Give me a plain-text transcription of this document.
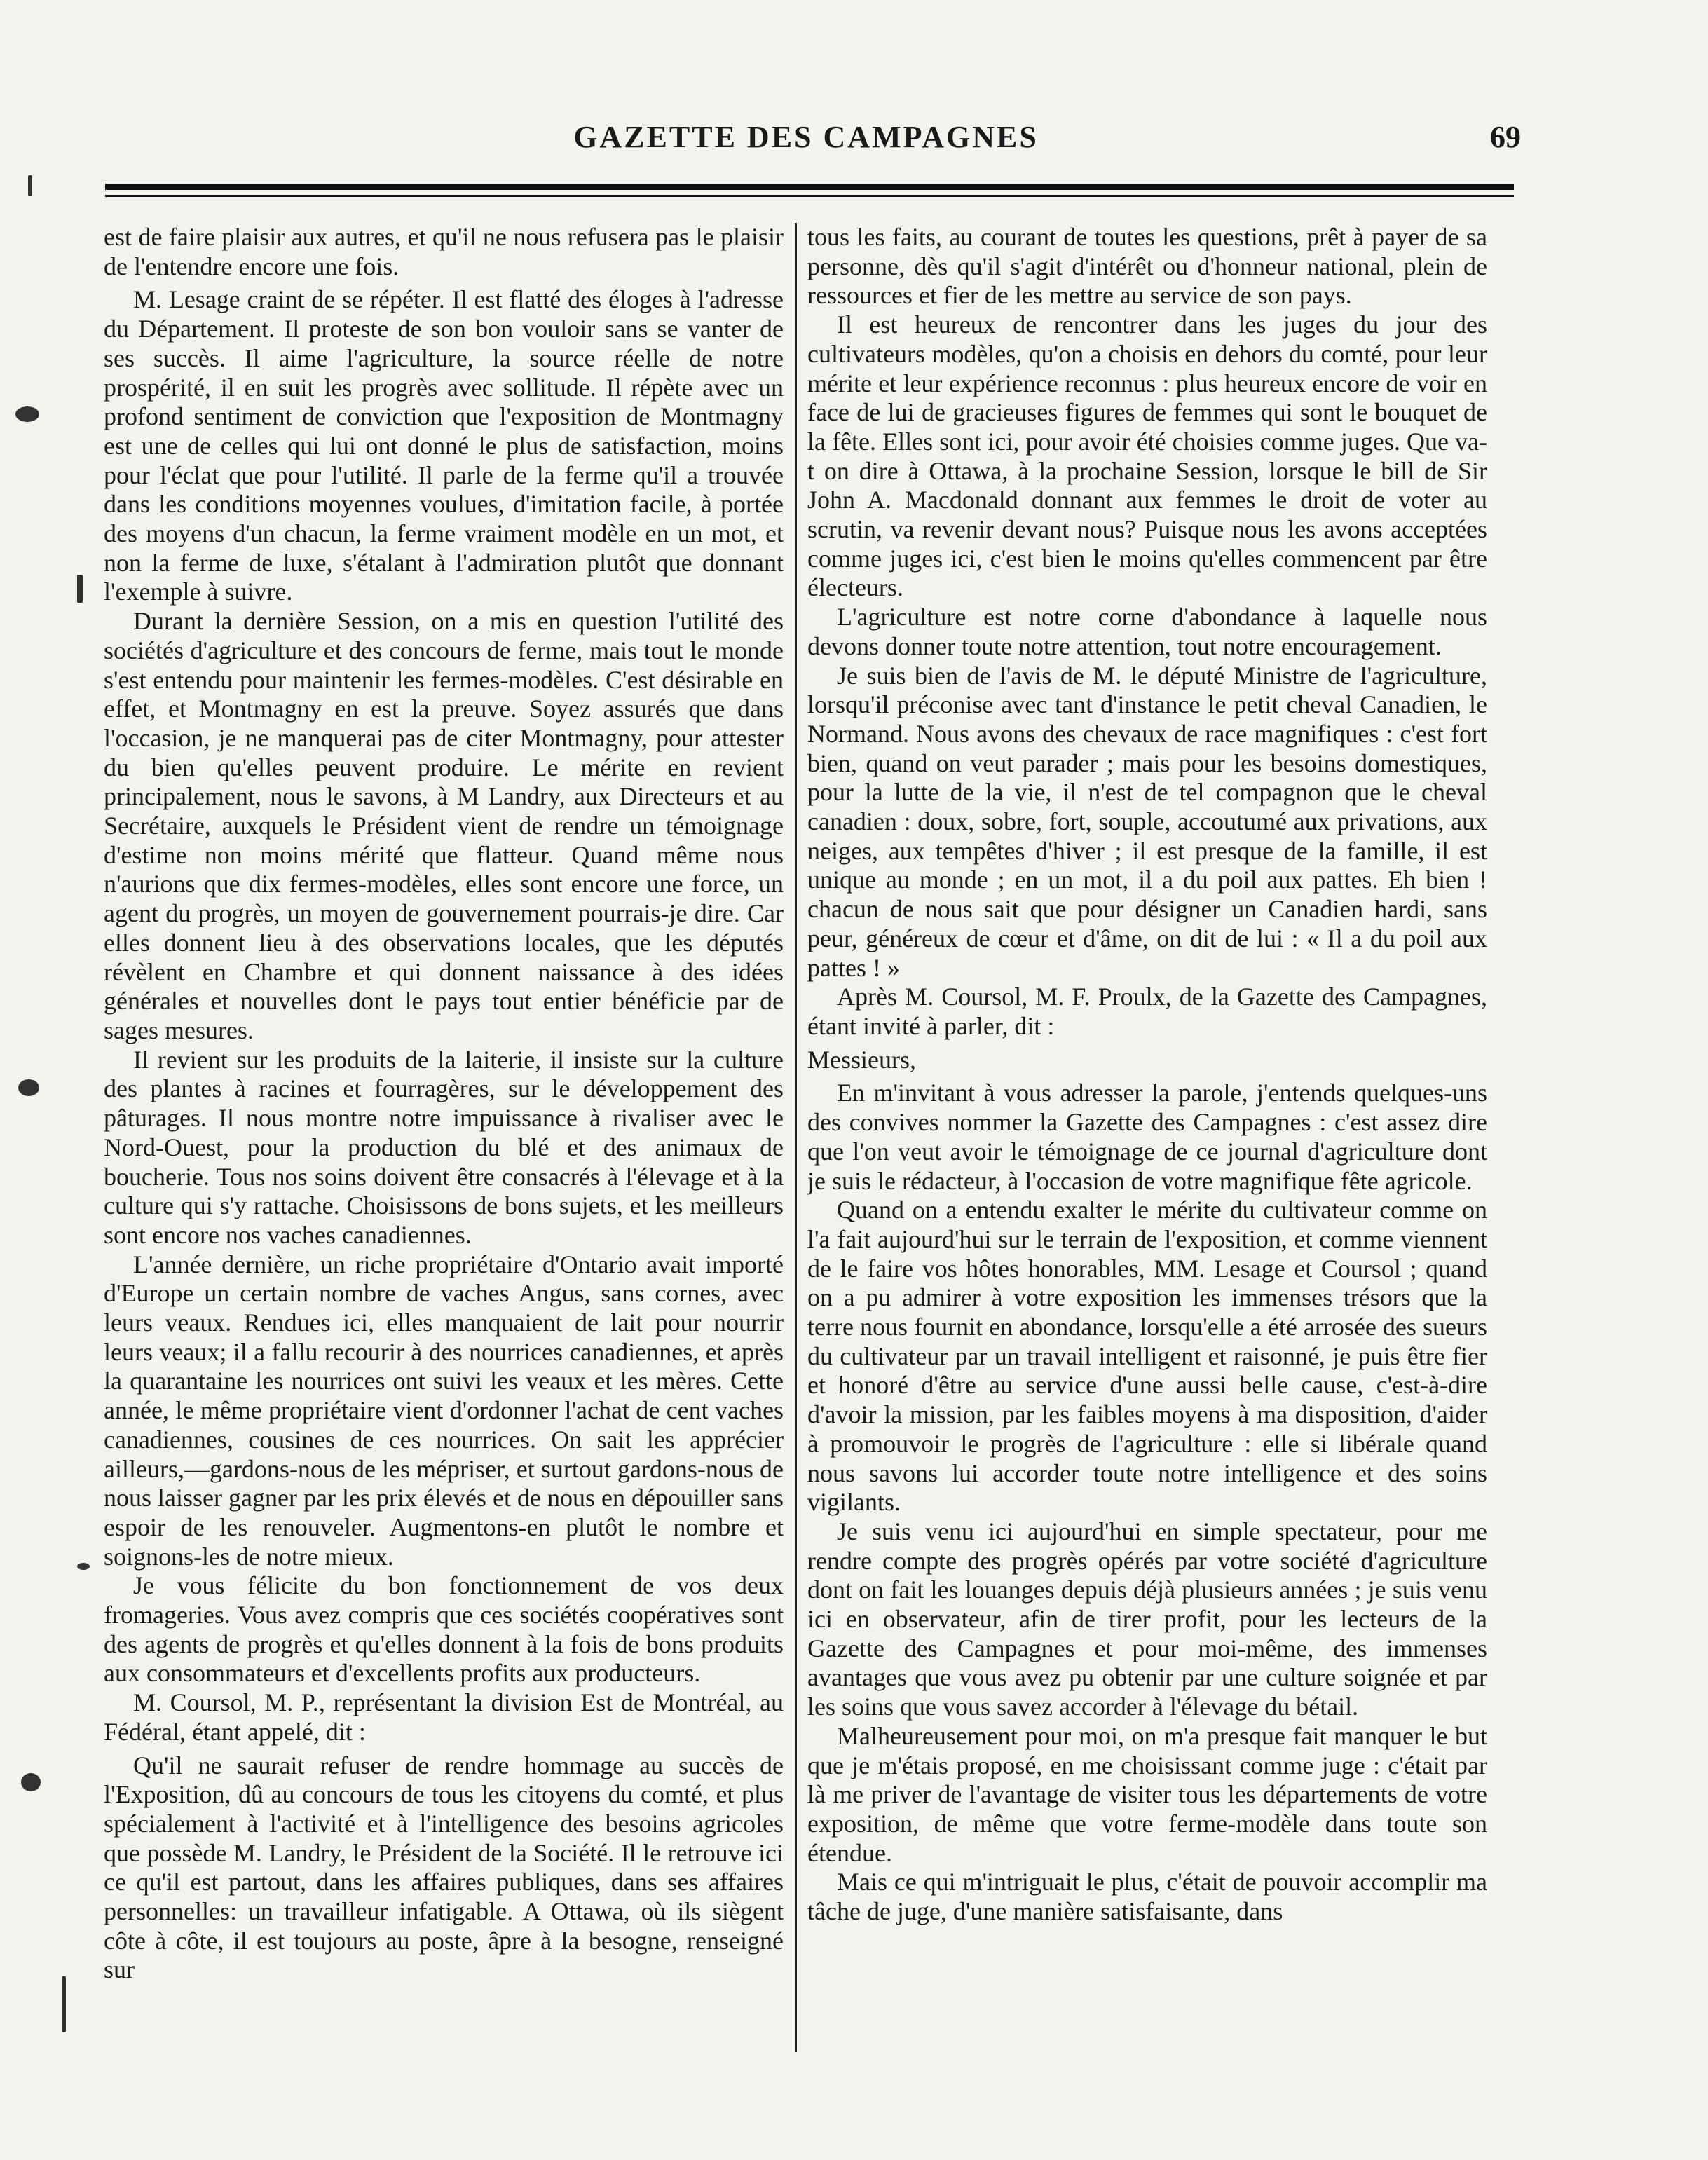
GAZETTE DES CAMPAGNES	69

est de faire plaisir aux autres, et qu'il ne nous refusera pas le plaisir de l'entendre encore une fois.

M. Lesage craint de se répéter. Il est flatté des éloges à l'adresse du Département. Il proteste de son bon vouloir sans se vanter de ses succès. Il aime l'agriculture, la source réelle de notre prospérité, il en suit les progrès avec sollitude. Il répète avec un profond sentiment de conviction que l'exposition de Montmagny est une de celles qui lui ont donné le plus de satisfaction, moins pour l'éclat que pour l'utilité. Il parle de la ferme qu'il a trouvée dans les conditions moyennes voulues, d'imitation facile, à portée des moyens d'un chacun, la ferme vraiment modèle en un mot, et non la ferme de luxe, s'étalant à l'admiration plutôt que donnant l'exemple à suivre.

Durant la dernière Session, on a mis en question l'utilité des sociétés d'agriculture et des concours de ferme, mais tout le monde s'est entendu pour maintenir les fermes-modèles. C'est désirable en effet, et Montmagny en est la preuve. Soyez assurés que dans l'occasion, je ne manquerai pas de citer Montmagny, pour attester du bien qu'elles peuvent produire. Le mérite en revient principalement, nous le savons, à M Landry, aux Directeurs et au Secrétaire, auxquels le Président vient de rendre un témoignage d'estime non moins mérité que flatteur. Quand même nous n'aurions que dix fermes-modèles, elles sont encore une force, un agent du progrès, un moyen de gouvernement pourrais-je dire. Car elles donnent lieu à des observations locales, que les députés révèlent en Chambre et qui donnent naissance à des idées générales et nouvelles dont le pays tout entier bénéficie par de sages mesures.

Il revient sur les produits de la laiterie, il insiste sur la culture des plantes à racines et fourragères, sur le développement des pâturages. Il nous montre notre impuissance à rivaliser avec le Nord-Ouest, pour la production du blé et des animaux de boucherie. Tous nos soins doivent être consacrés à l'élevage et à la culture qui s'y rattache. Choisissons de bons sujets, et les meilleurs sont encore nos vaches canadiennes.

L'année dernière, un riche propriétaire d'Ontario avait importé d'Europe un certain nombre de vaches Angus, sans cornes, avec leurs veaux. Rendues ici, elles manquaient de lait pour nourrir leurs veaux; il a fallu recourir à des nourrices canadiennes, et après la quarantaine les nourrices ont suivi les veaux et les mères. Cette année, le même propriétaire vient d'ordonner l'achat de cent vaches canadiennes, cousines de ces nourrices. On sait les apprécier ailleurs,—gardons-nous de les mépriser, et surtout gardons-nous de nous laisser gagner par les prix élevés et de nous en dépouiller sans espoir de les renouveler. Augmentons-en plutôt le nombre et soignons-les de notre mieux.

Je vous félicite du bon fonctionnement de vos deux fromageries. Vous avez compris que ces sociétés coopératives sont des agents de progrès et qu'elles donnent à la fois de bons produits aux consommateurs et d'excellents profits aux producteurs.

M. Coursol, M. P., représentant la division Est de Montréal, au Fédéral, étant appelé, dit :

Qu'il ne saurait refuser de rendre hommage au succès de l'Exposition, dû au concours de tous les citoyens du comté, et plus spécialement à l'activité et à l'intelligence des besoins agricoles que possède M. Landry, le Président de la Société. Il le retrouve ici ce qu'il est partout, dans les affaires publiques, dans ses affaires personnelles: un travailleur infatigable. A Ottawa, où ils siègent côte à côte, il est toujours au poste, âpre à la besogne, renseigné sur

tous les faits, au courant de toutes les questions, prêt à payer de sa personne, dès qu'il s'agit d'intérêt ou d'honneur national, plein de ressources et fier de les mettre au service de son pays.

Il est heureux de rencontrer dans les juges du jour des cultivateurs modèles, qu'on a choisis en dehors du comté, pour leur mérite et leur expérience reconnus : plus heureux encore de voir en face de lui de gracieuses figures de femmes qui sont le bouquet de la fête. Elles sont ici, pour avoir été choisies comme juges. Que va-t on dire à Ottawa, à la prochaine Session, lorsque le bill de Sir John A. Macdonald donnant aux femmes le droit de voter au scrutin, va revenir devant nous? Puisque nous les avons acceptées comme juges ici, c'est bien le moins qu'elles commencent par être électeurs.

L'agriculture est notre corne d'abondance à laquelle nous devons donner toute notre attention, tout notre encouragement.

Je suis bien de l'avis de M. le député Ministre de l'agriculture, lorsqu'il préconise avec tant d'instance le petit cheval Canadien, le Normand. Nous avons des chevaux de race magnifiques : c'est fort bien, quand on veut parader ; mais pour les besoins domestiques, pour la lutte de la vie, il n'est de tel compagnon que le cheval canadien : doux, sobre, fort, souple, accoutumé aux privations, aux neiges, aux tempêtes d'hiver ; il est presque de la famille, il est unique au monde ; en un mot, il a du poil aux pattes. Eh bien ! chacun de nous sait que pour désigner un Canadien hardi, sans peur, généreux de cœur et d'âme, on dit de lui : « Il a du poil aux pattes ! »

Après M. Coursol, M. F. Proulx, de la Gazette des Campagnes, étant invité à parler, dit :

Messieurs,

En m'invitant à vous adresser la parole, j'entends quelques-uns des convives nommer la Gazette des Campagnes : c'est assez dire que l'on veut avoir le témoignage de ce journal d'agriculture dont je suis le rédacteur, à l'occasion de votre magnifique fête agricole.

Quand on a entendu exalter le mérite du cultivateur comme on l'a fait aujourd'hui sur le terrain de l'exposition, et comme viennent de le faire vos hôtes honorables, MM. Lesage et Coursol ; quand on a pu admirer à votre exposition les immenses trésors que la terre nous fournit en abondance, lorsqu'elle a été arrosée des sueurs du cultivateur par un travail intelligent et raisonné, je puis être fier et honoré d'être au service d'une aussi belle cause, c'est-à-dire d'avoir la mission, par les faibles moyens à ma disposition, d'aider à promouvoir le progrès de l'agriculture : elle si libérale quand nous savons lui accorder toute notre intelligence et des soins vigilants.

Je suis venu ici aujourd'hui en simple spectateur, pour me rendre compte des progrès opérés par votre société d'agriculture dont on fait les louanges depuis déjà plusieurs années ; je suis venu ici en observateur, afin de tirer profit, pour les lecteurs de la Gazette des Campagnes et pour moi-même, des immenses avantages que vous avez pu obtenir par une culture soignée et par les soins que vous savez accorder à l'élevage du bétail.

Malheureusement pour moi, on m'a presque fait manquer le but que je m'étais proposé, en me choisissant comme juge : c'était par là me priver de l'avantage de visiter tous les départements de votre exposition, de même que votre ferme-modèle dans toute son étendue.

Mais ce qui m'intriguait le plus, c'était de pouvoir accomplir ma tâche de juge, d'une manière satisfaisante, dans
